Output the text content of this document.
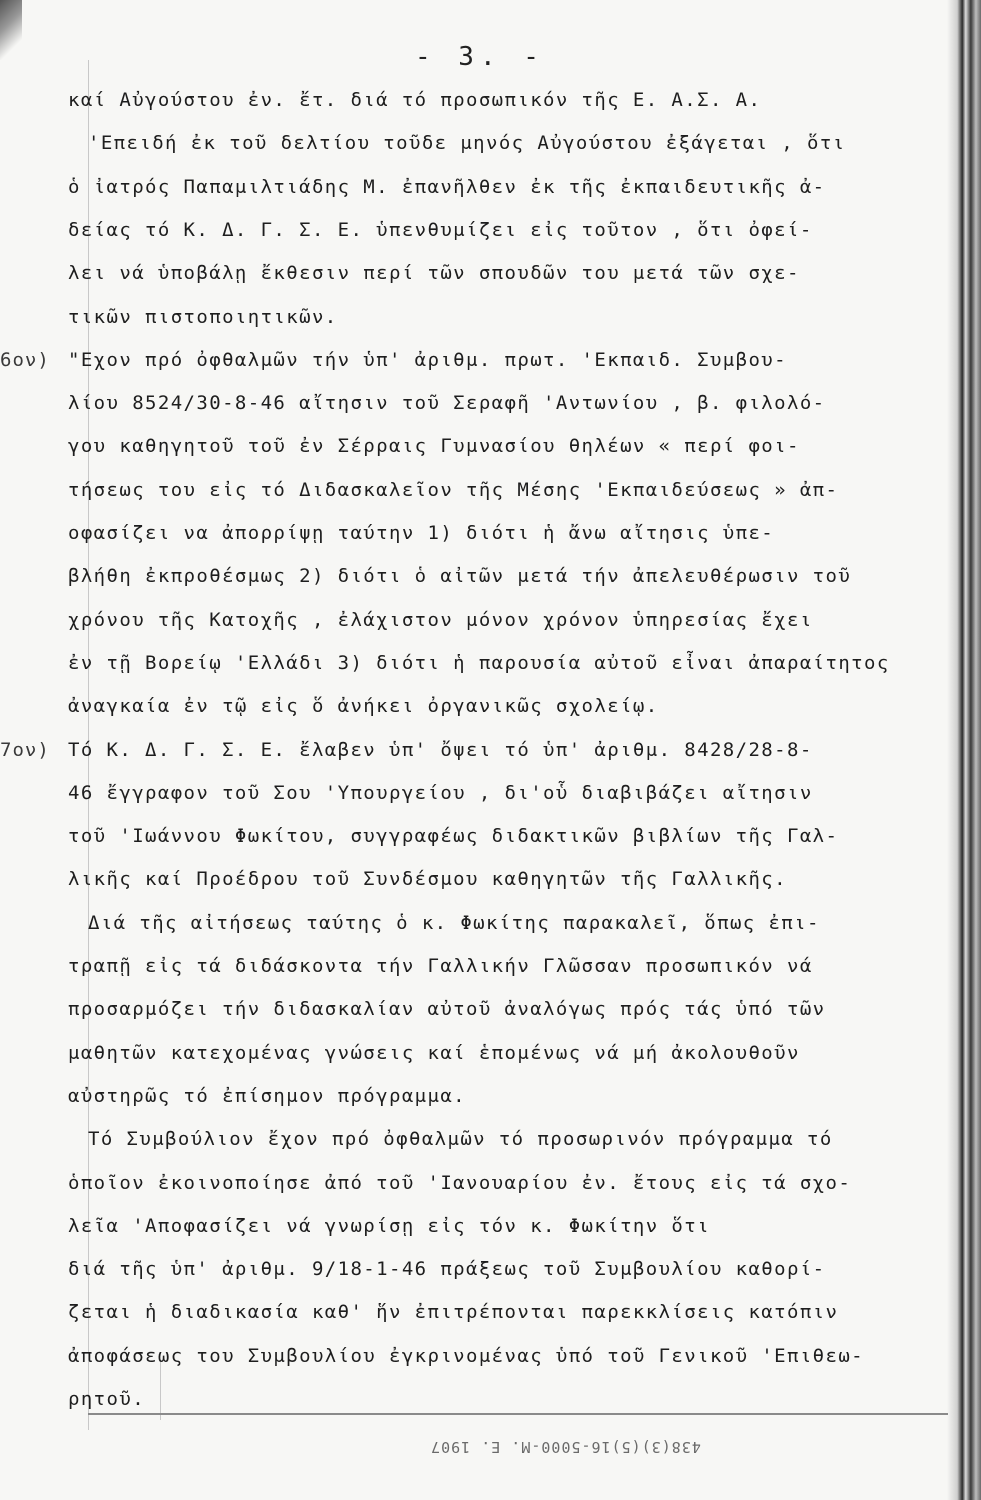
- 3. -
καί Αὐγούστου ἐν. ἔτ. διά τό προσωπικόν τῆς Ε. Α.Σ. Α.
'Επειδή ἐκ τοῦ δελτίου τοῦδε μηνός Αὐγούστου ἐξάγεται , ὅτι
ὁ ἰατρός Παπαμιλτιάδης Μ. ἐπανῆλθεν ἐκ τῆς ἐκπαιδευτικῆς ἀ-
δείας τό Κ. Δ. Γ. Σ. Ε. ὑπενθυμίζει εἰς τοῦτον , ὅτι ὀφεί-
λει νά ὑποβάλῃ ἔκθεσιν περί τῶν σπουδῶν του μετά τῶν σχε-
τικῶν πιστοποιητικῶν.
6ον) "Εχον πρό ὀφθαλμῶν τήν ὑπ' ἀριθμ. πρωτ. 'Εκπαιδ. Συμβου-
λίου 8524/30-8-46 αἴτησιν τοῦ Σεραφῆ 'Αντωνίου , β. φιλολό-
γου καθηγητοῦ τοῦ ἐν Σέρραις Γυμνασίου θηλέων « περί φοι-
τήσεως του εἰς τό Διδασκαλεῖον τῆς Μέσης 'Εκπαιδεύσεως » ἀπ-
οφασίζει να ἀπορρίψῃ ταύτην 1) διότι ἡ ἄνω αἴτησις ὑπε-
βλήθη ἐκπροθέσμως 2) διότι ὁ αἰτῶν μετά τήν ἀπελευθέρωσιν τοῦ
χρόνου τῆς Κατοχῆς , ἐλάχιστον μόνον χρόνον ὑπηρεσίας ἔχει
ἐν τῇ Βορείῳ 'Ελλάδι 3) διότι ἡ παρουσία αὐτοῦ εἶναι ἀπαραίτητος
ἀναγκαία ἐν τῷ εἰς ὅ ἀνήκει ὀργανικῶς σχολείῳ.
7ον) Τό Κ. Δ. Γ. Σ. Ε. ἔλαβεν ὑπ' ὄψει τό ὑπ' ἀριθμ. 8428/28-8-
46 ἔγγραφον τοῦ Σου 'Υπουργείου , δι'οὗ διαβιβάζει αἴτησιν
τοῦ 'Ιωάννου Φωκίτου, συγγραφέως διδακτικῶν βιβλίων τῆς Γαλ-
λικῆς καί Προέδρου τοῦ Συνδέσμου καθηγητῶν τῆς Γαλλικῆς.
Διά τῆς αἰτήσεως ταύτης ὁ κ. Φωκίτης παρακαλεῖ, ὅπως ἐπι-
τραπῇ εἰς τά διδάσκοντα τήν Γαλλικήν Γλῶσσαν προσωπικόν νά
προσαρμόζει τήν διδασκαλίαν αὐτοῦ ἀναλόγως πρός τάς ὑπό τῶν
μαθητῶν κατεχομένας γνώσεις καί ἑπομένως νά μή ἀκολουθοῦν
αὐστηρῶς τό ἐπίσημον πρόγραμμα.
Τό Συμβούλιον ἔχον πρό ὀφθαλμῶν τό προσωρινόν πρόγραμμα τό
ὁποῖον ἐκοινοποίησε ἀπό τοῦ 'Ιανουαρίου ἐν. ἔτους εἰς τά σχο-
λεῖα 'Αποφασίζει νά γνωρίσῃ εἰς τόν κ. Φωκίτην ὅτι
διά τῆς ὑπ' ἀριθμ. 9/18-1-46 πράξεως τοῦ Συμβουλίου καθορί-
ζεται ἡ διαδικασία καθ' ἥν ἐπιτρέπονται παρεκκλίσεις κατόπιν
ἀποφάσεως του Συμβουλίου ἐγκρινομένας ὑπό τοῦ Γενικοῦ 'Επιθεω-
ρητοῦ.
438(3)(5)16-5000-Μ. Ε. 1907
